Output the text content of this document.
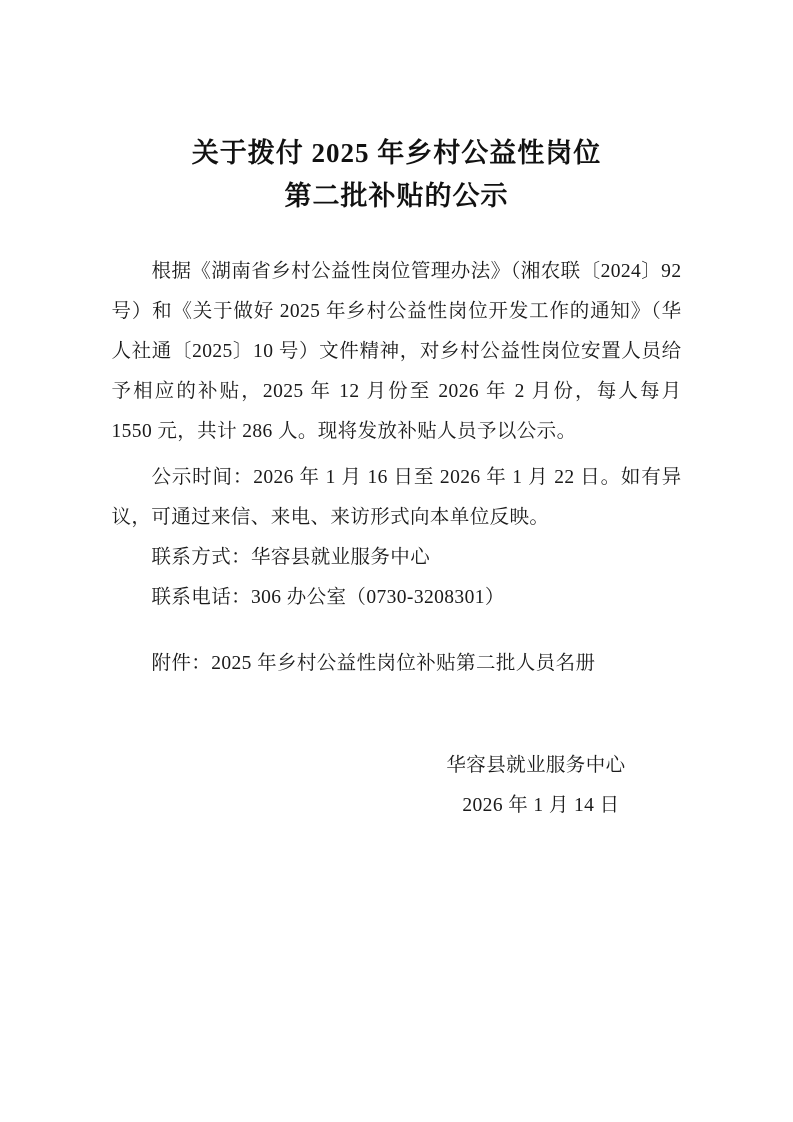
关于拨付 2025 年乡村公益性岗位
第二批补贴的公示

根据《湖南省乡村公益性岗位管理办法》（湘农联〔2024〕92 号）和《关于做好 2025 年乡村公益性岗位开发工作的通知》（华人社通〔2025〕10 号）文件精神，对乡村公益性岗位安置人员给予相应的补贴，2025 年 12 月份至 2026 年 2 月份，每人每月 1550 元，共计 286 人。现将发放补贴人员予以公示。

公示时间：2026 年 1 月 16 日至 2026 年 1 月 22 日。如有异议，可通过来信、来电、来访形式向本单位反映。

联系方式：华容县就业服务中心

联系电话：306 办公室（0730-3208301）

附件：2025 年乡村公益性岗位补贴第二批人员名册

华容县就业服务中心
2026 年 1 月 14 日
